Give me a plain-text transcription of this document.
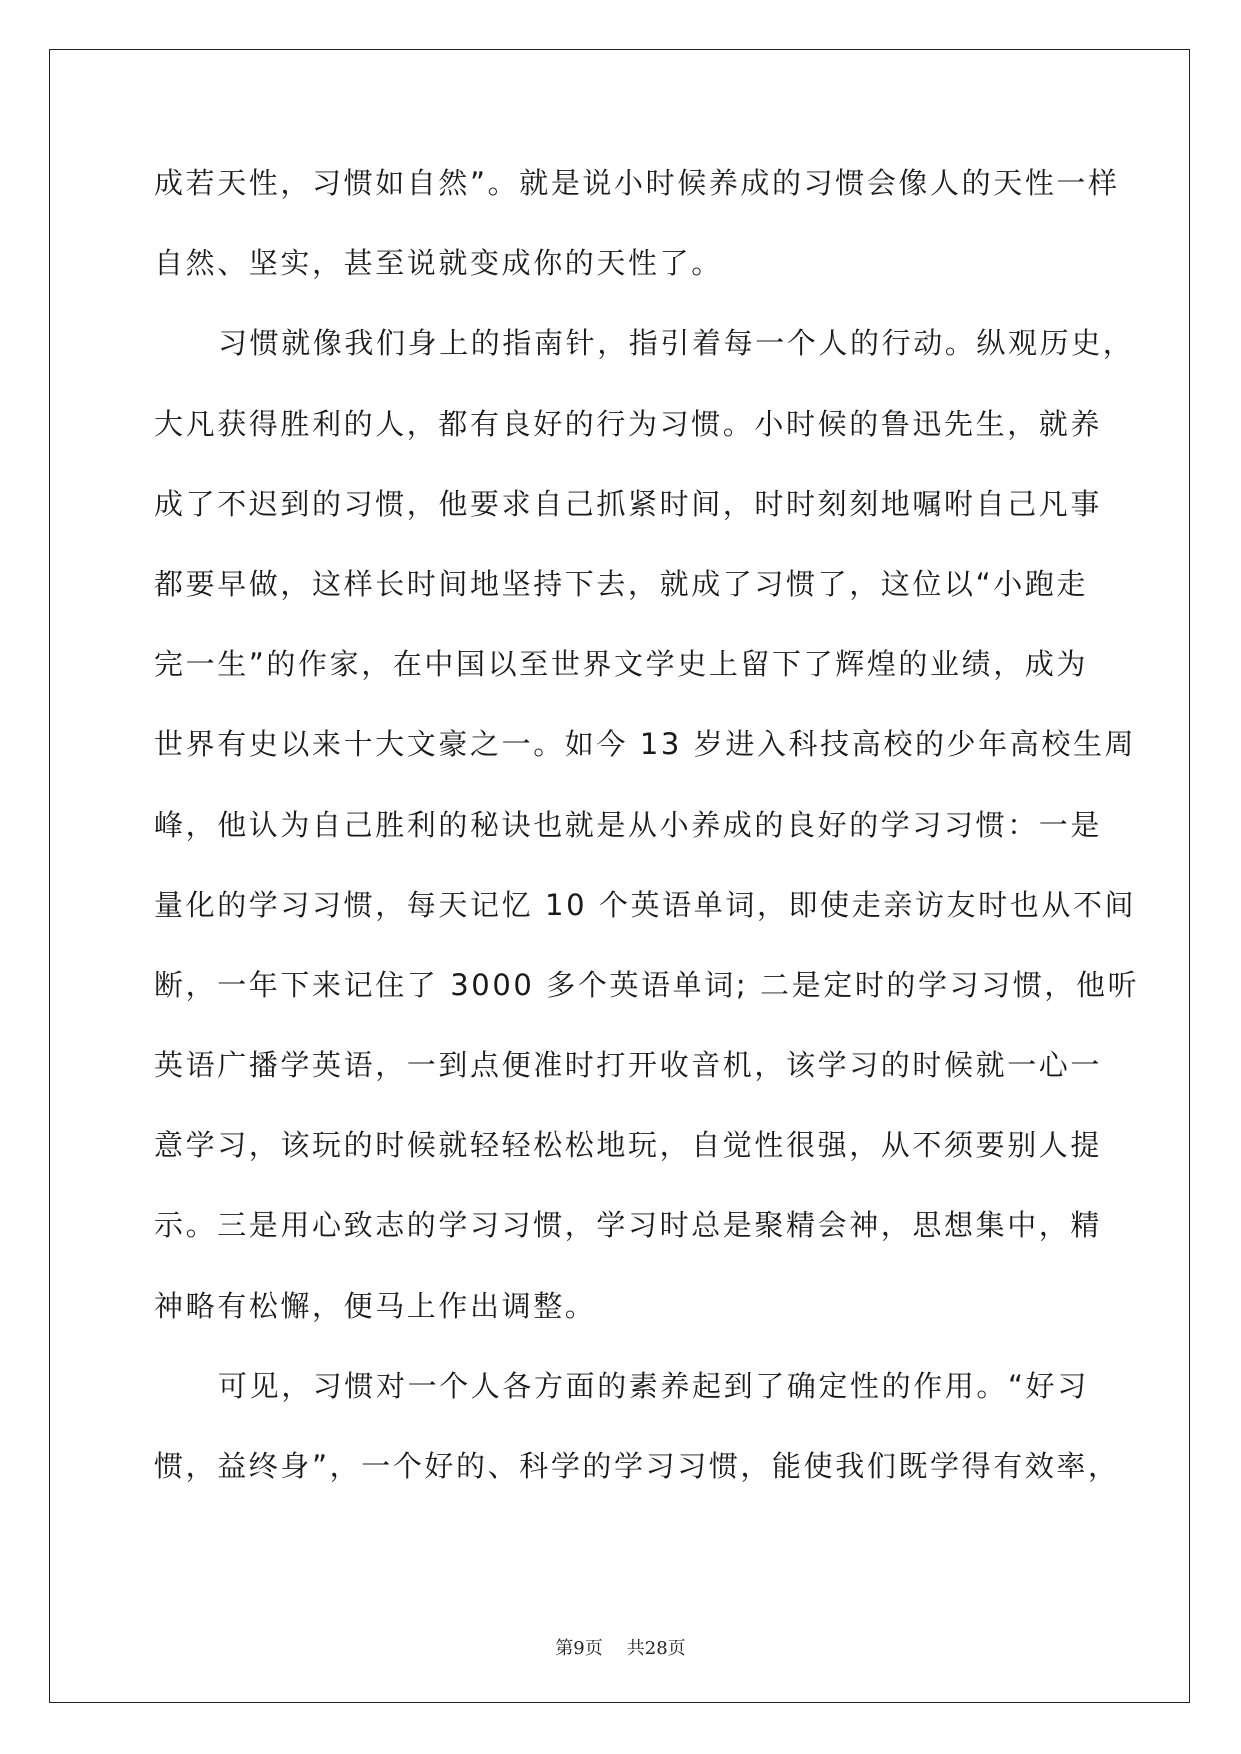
成若天性，习惯如自然”。就是说小时候养成的习惯会像人的天性一样
自然、坚实，甚至说就变成你的天性了。
习惯就像我们身上的指南针，指引着每一个人的行动。纵观历史，
大凡获得胜利的人，都有良好的行为习惯。小时候的鲁迅先生，就养
成了不迟到的习惯，他要求自己抓紧时间，时时刻刻地嘱咐自己凡事
都要早做，这样长时间地坚持下去，就成了习惯了，这位以“小跑走
完一生”的作家，在中国以至世界文学史上留下了辉煌的业绩，成为
世界有史以来十大文豪之一。如今 13 岁进入科技高校的少年高校生周
峰，他认为自己胜利的秘诀也就是从小养成的良好的学习习惯：一是
量化的学习习惯，每天记忆 10 个英语单词，即使走亲访友时也从不间
断，一年下来记住了 3000 多个英语单词; 二是定时的学习习惯，他听
英语广播学英语，一到点便准时打开收音机，该学习的时候就一心一
意学习，该玩的时候就轻轻松松地玩，自觉性很强，从不须要别人提
示。三是用心致志的学习习惯，学习时总是聚精会神，思想集中，精
神略有松懈，便马上作出调整。
可见，习惯对一个人各方面的素养起到了确定性的作用。“好习
惯，益终身”，一个好的、科学的学习习惯，能使我们既学得有效率，
第9页 共28页
